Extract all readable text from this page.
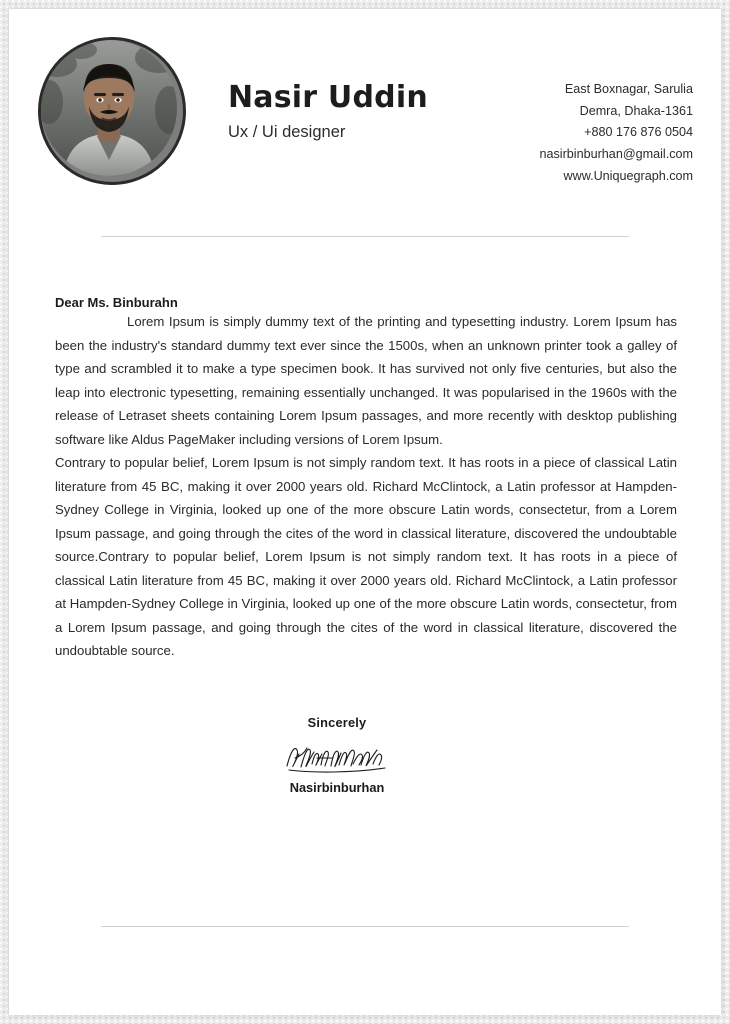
Nasir Uddin
Ux / Ui designer
East Boxnagar, Sarulia
Demra, Dhaka-1361
+880 176 876 0504
nasirbinburhan@gmail.com
www.Uniquegraph.com
Dear Ms. Binburahn

Lorem Ipsum is simply dummy text of the printing and typesetting industry. Lorem Ipsum has been the industry's standard dummy text ever since the 1500s, when an unknown printer took a galley of type and scrambled it to make a type specimen book. It has survived not only five centuries, but also the leap into electronic typesetting, remaining essentially unchanged. It was popularised in the 1960s with the release of Letraset sheets containing Lorem Ipsum passages, and more recently with desktop publishing software like Aldus PageMaker including versions of Lorem Ipsum.

Contrary to popular belief, Lorem Ipsum is not simply random text. It has roots in a piece of classical Latin literature from 45 BC, making it over 2000 years old. Richard McClintock, a Latin professor at Hampden-Sydney College in Virginia, looked up one of the more obscure Latin words, consectetur, from a Lorem Ipsum passage, and going through the cites of the word in classical literature, discovered the undoubtable source.Contrary to popular belief, Lorem Ipsum is not simply random text. It has roots in a piece of classical Latin literature from 45 BC, making it over 2000 years old. Richard McClintock, a Latin professor at Hampden-Sydney College in Virginia, looked up one of the more obscure Latin words, consectetur, from a Lorem Ipsum passage, and going through the cites of the word in classical literature, discovered the undoubtable source.

Sincerely
Nasirbinburhan
